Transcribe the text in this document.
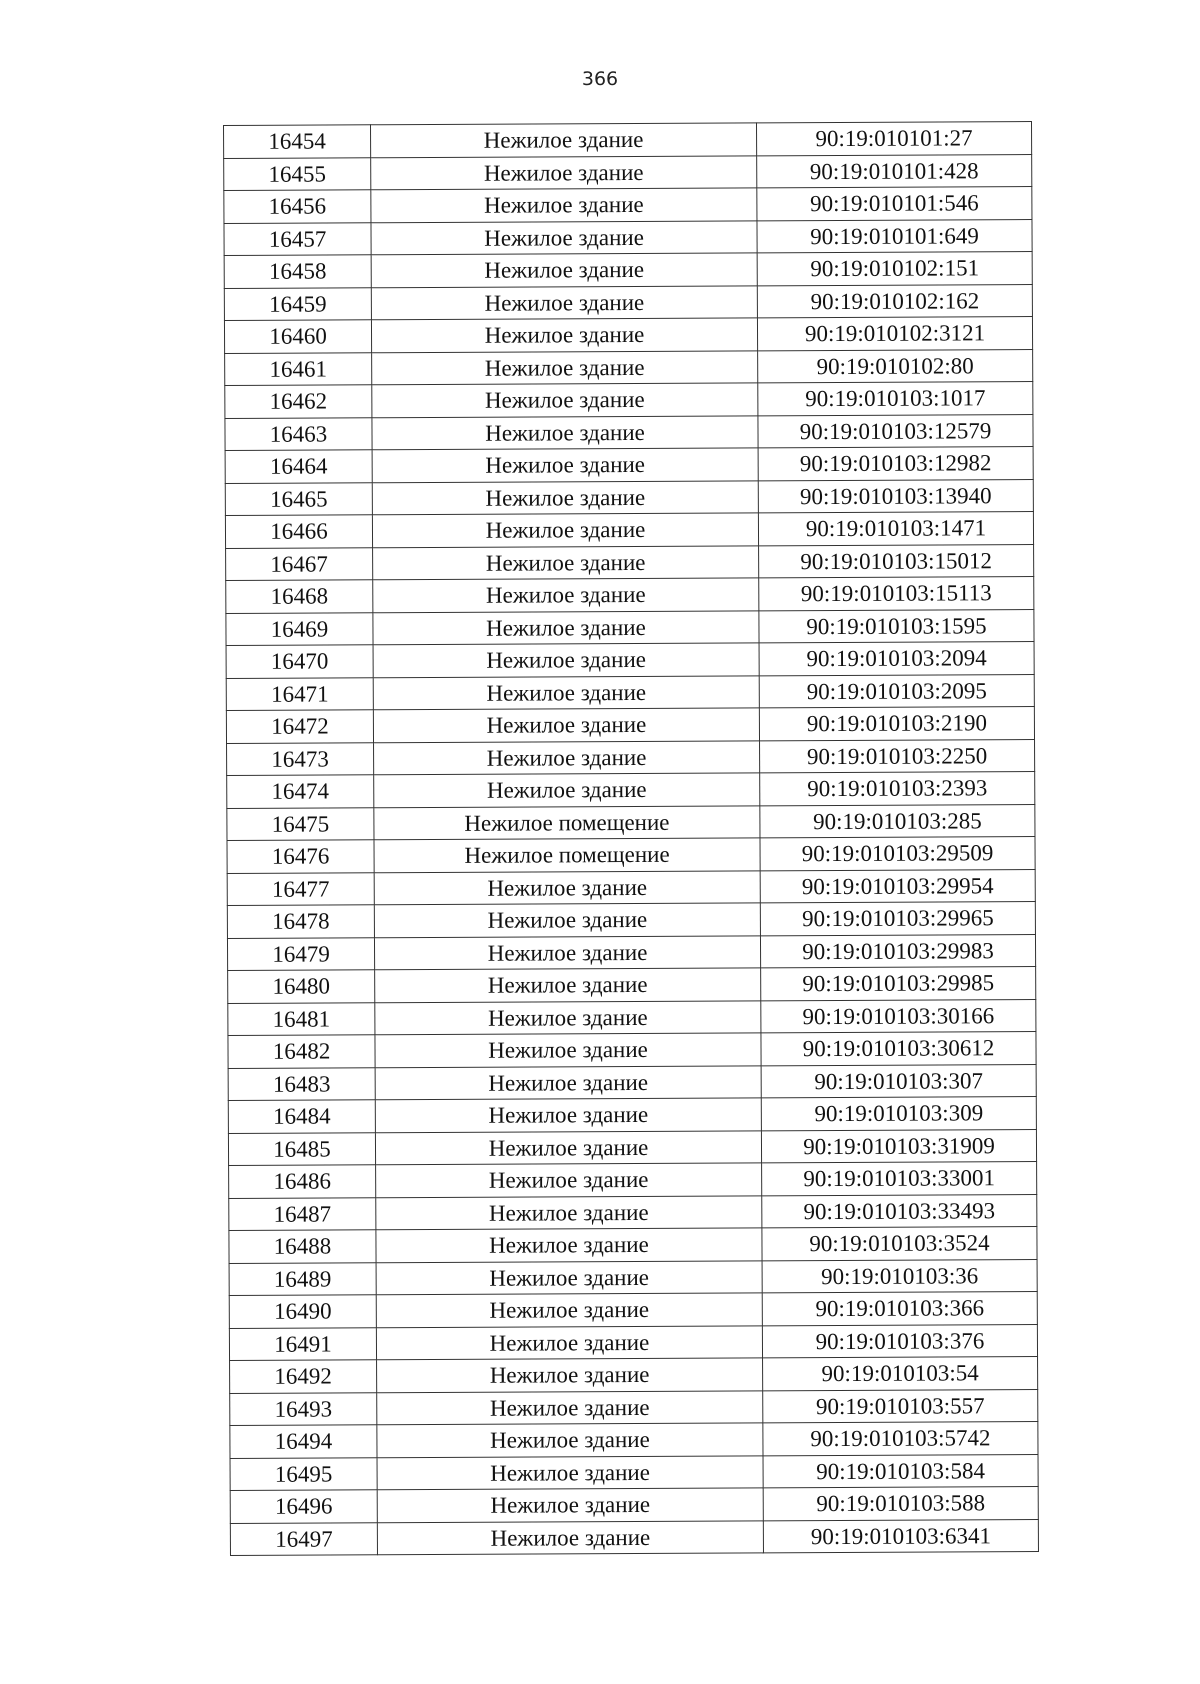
366
16454	Нежилое здание	90:19:010101:27
16455	Нежилое здание	90:19:010101:428
16456	Нежилое здание	90:19:010101:546
16457	Нежилое здание	90:19:010101:649
16458	Нежилое здание	90:19:010102:151
16459	Нежилое здание	90:19:010102:162
16460	Нежилое здание	90:19:010102:3121
16461	Нежилое здание	90:19:010102:80
16462	Нежилое здание	90:19:010103:1017
16463	Нежилое здание	90:19:010103:12579
16464	Нежилое здание	90:19:010103:12982
16465	Нежилое здание	90:19:010103:13940
16466	Нежилое здание	90:19:010103:1471
16467	Нежилое здание	90:19:010103:15012
16468	Нежилое здание	90:19:010103:15113
16469	Нежилое здание	90:19:010103:1595
16470	Нежилое здание	90:19:010103:2094
16471	Нежилое здание	90:19:010103:2095
16472	Нежилое здание	90:19:010103:2190
16473	Нежилое здание	90:19:010103:2250
16474	Нежилое здание	90:19:010103:2393
16475	Нежилое помещение	90:19:010103:285
16476	Нежилое помещение	90:19:010103:29509
16477	Нежилое здание	90:19:010103:29954
16478	Нежилое здание	90:19:010103:29965
16479	Нежилое здание	90:19:010103:29983
16480	Нежилое здание	90:19:010103:29985
16481	Нежилое здание	90:19:010103:30166
16482	Нежилое здание	90:19:010103:30612
16483	Нежилое здание	90:19:010103:307
16484	Нежилое здание	90:19:010103:309
16485	Нежилое здание	90:19:010103:31909
16486	Нежилое здание	90:19:010103:33001
16487	Нежилое здание	90:19:010103:33493
16488	Нежилое здание	90:19:010103:3524
16489	Нежилое здание	90:19:010103:36
16490	Нежилое здание	90:19:010103:366
16491	Нежилое здание	90:19:010103:376
16492	Нежилое здание	90:19:010103:54
16493	Нежилое здание	90:19:010103:557
16494	Нежилое здание	90:19:010103:5742
16495	Нежилое здание	90:19:010103:584
16496	Нежилое здание	90:19:010103:588
16497	Нежилое здание	90:19:010103:6341
